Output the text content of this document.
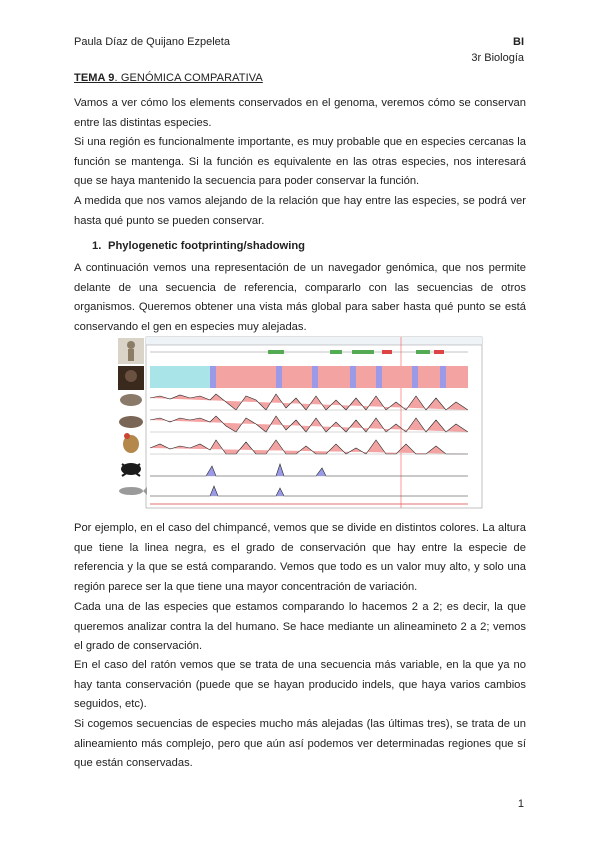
Paula Díaz de Quijano Ezpeleta	BI
3r Biología
TEMA 9. GENÓMICA COMPARATIVA
Vamos a ver cómo los elements conservados en el genoma, veremos cómo se conservan entre las distintas especies.
Si una región es funcionalmente importante, es muy probable que en especies cercanas la función se mantenga. Si la función es equivalente en las otras especies, nos interesará que se haya mantenido la secuencia para poder conservar la función.
A medida que nos vamos alejando de la relación que hay entre las especies, se podrá ver hasta qué punto se pueden conservar.
1. Phylogenetic footprinting/shadowing
A continuación vemos una representación de un navegador genómica, que nos permite delante de una secuencia de referencia, compararlo con las secuencias de otros organismos. Queremos obtener una vista más global para saber hasta qué punto se está conservando el gen en especies muy alejadas.
Por ejemplo, en el caso del chimpancé, vemos que se divide en distintos colores. La altura que tiene la linea negra, es el grado de conservación que hay entre la especie de referencia y la que se está comparando. Vemos que todo es un valor muy alto, y solo una región parece ser la que tiene una mayor concentración de variación.
Cada una de las especies que estamos comparando lo hacemos 2 a 2; es decir, la que queremos analizar contra la del humano. Se hace mediante un alineamineto 2 a 2; vemos el grado de conservación.
En el caso del ratón vemos que se trata de una secuencia más variable, en la que ya no hay tanta conservación (puede que se hayan producido indels, que haya varios cambios seguidos, etc).
Si cogemos secuencias de especies mucho más alejadas (las últimas tres), se trata de un alineamiento más complejo, pero que aún así podemos ver determinadas regiones que sí que están conservadas.
1
